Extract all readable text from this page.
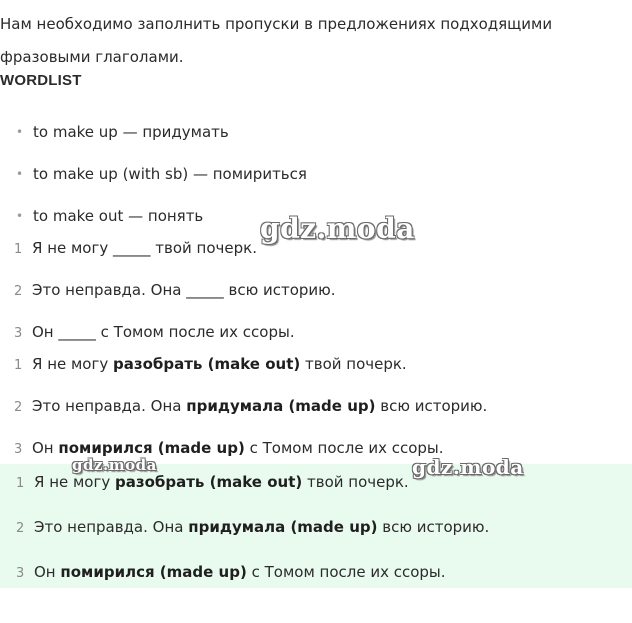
Нам необходимо заполнить пропуски в предложениях подходящими фразовыми глаголами.
WORDLIST
• to make up — придумать
• to make up (with sb) — помириться
• to make out — понять
1 Я не могу _____ твой почерк.
2 Это неправда. Она _____ всю историю.
3 Он _____ с Томом после их ссоры.
1 Я не могу разобрать (make out) твой почерк.
2 Это неправда. Она придумала (made up) всю историю.
3 Он помирился (made up) с Томом после их ссоры.
1 Я не могу разобрать (make out) твой почерк.
2 Это неправда. Она придумала (made up) всю историю.
3 Он помирился (made up) с Томом после их ссоры.
gdz.moda
gdz.moda	gdz.moda
